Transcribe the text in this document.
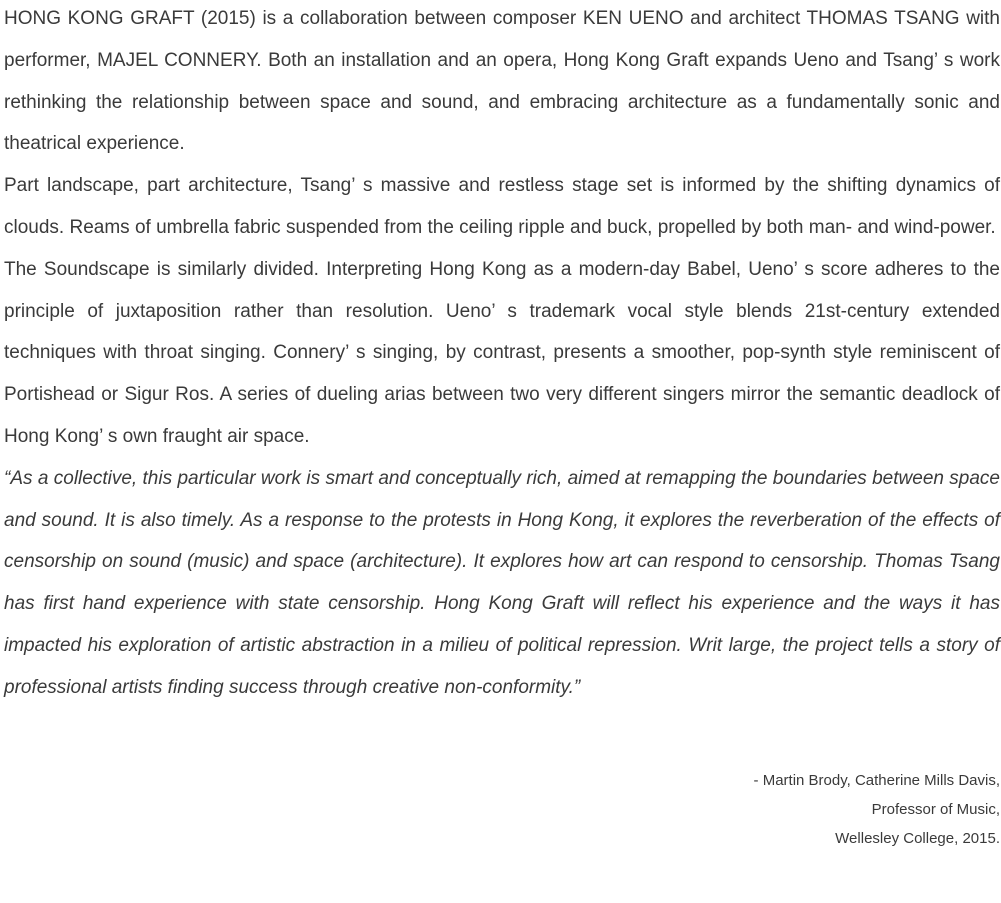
HONG KONG GRAFT (2015) is a collaboration between composer KEN UENO and architect THOMAS TSANG with performer, MAJEL CONNERY. Both an installation and an opera, Hong Kong Graft expands Ueno and Tsang’ s work rethinking the relationship between space and sound, and embracing architecture as a fundamentally sonic and theatrical experience.

Part landscape, part architecture, Tsang’ s massive and restless stage set is informed by the shifting dynamics of clouds. Reams of umbrella fabric suspended from the ceiling ripple and buck, propelled by both man- and wind-power.

The Soundscape is similarly divided. Interpreting Hong Kong as a modern-day Babel, Ueno’ s score adheres to the principle of juxtaposition rather than resolution. Ueno’ s trademark vocal style blends 21st-century extended techniques with throat singing. Connery’ s singing, by contrast, presents a smoother, pop-synth style reminiscent of Portishead or Sigur Ros. A series of dueling arias between two very different singers mirror the semantic deadlock of Hong Kong’ s own fraught air space.

“As a collective, this particular work is smart and conceptually rich, aimed at remapping the boundaries between space and sound. It is also timely. As a response to the protests in Hong Kong, it explores the reverberation of the effects of censorship on sound (music) and space (architecture). It explores how art can respond to censorship. Thomas Tsang has first hand experience with state censorship. Hong Kong Graft will reflect his experience and the ways it has impacted his exploration of artistic abstraction in a milieu of political repression. Writ large, the project tells a story of professional artists finding success through creative non-conformity.”

- Martin Brody, Catherine Mills Davis,
Professor of Music,
Wellesley College, 2015.
